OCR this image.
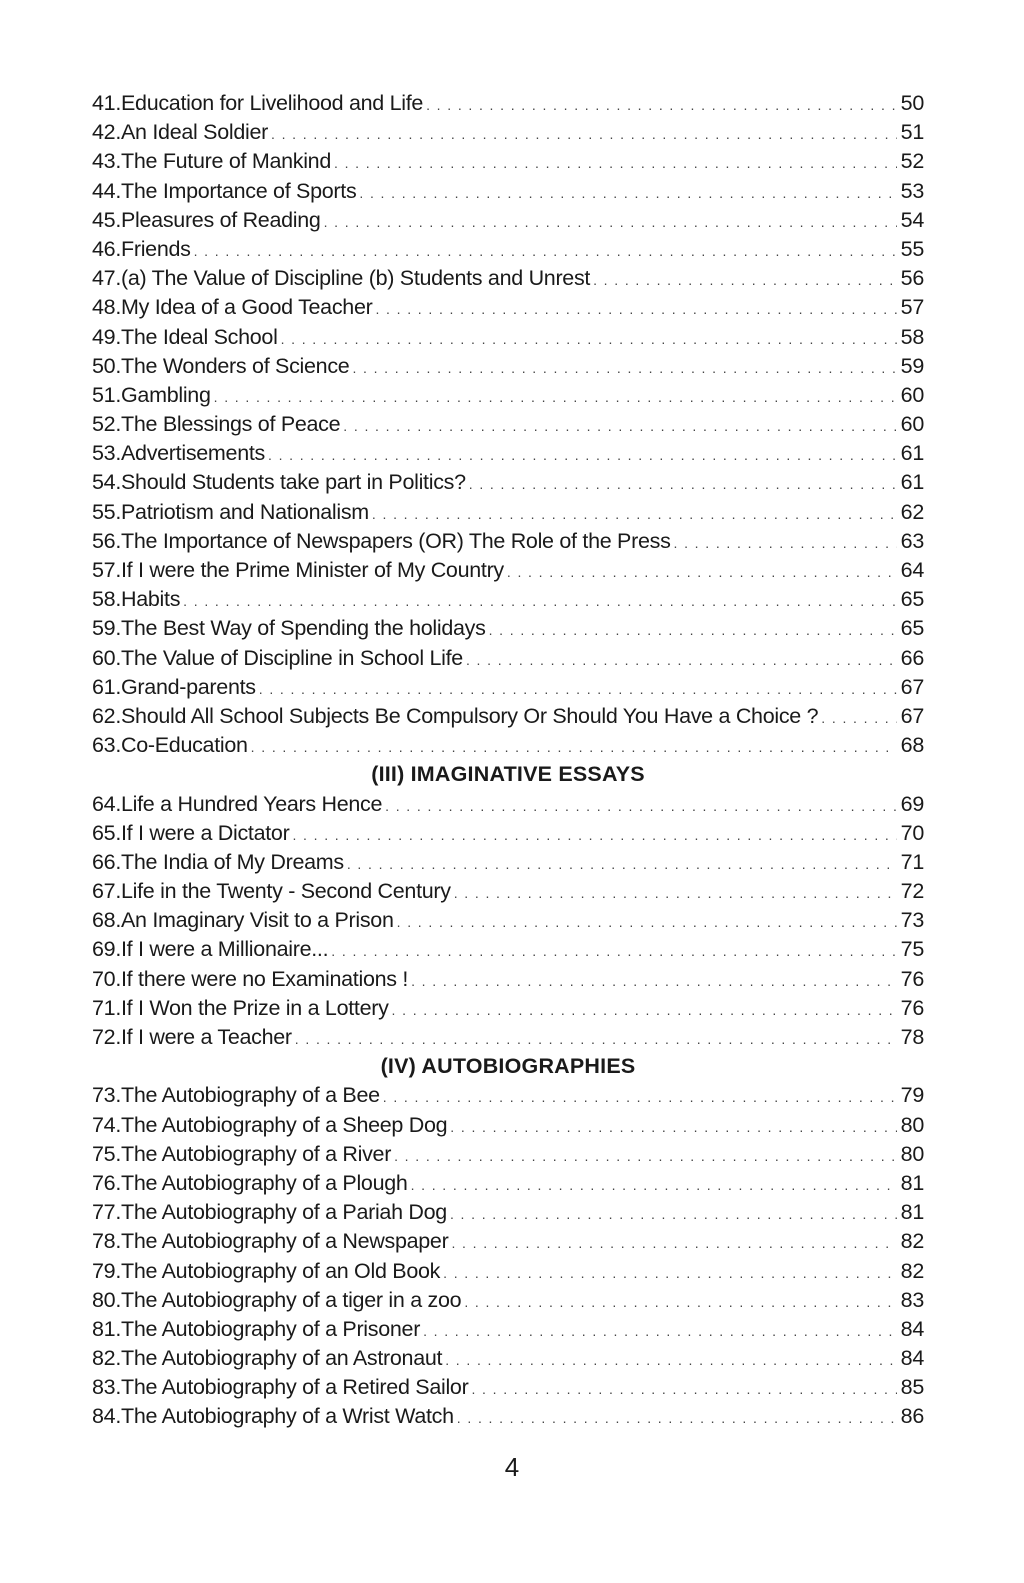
41. Education for Livelihood and Life . . .	50
42. An Ideal Soldier . . .	51
43. The Future of Mankind . . .	52
44. The Importance of Sports . . .	53
45. Pleasures of Reading . . .	54
46. Friends . . .	55
47. (a) The Value of Discipline (b) Students and Unrest . . .	56
48. My Idea of a Good Teacher . . .	57
49. The Ideal School . . .	58
50. The Wonders of Science . . .	59
51. Gambling . . .	60
52. The Blessings of Peace . . .	60
53. Advertisements . . .	61
54. Should Students take part in Politics? . . .	61
55. Patriotism and Nationalism . . .	62
56. The Importance of Newspapers (OR) The Role of the Press . . .	63
57. If I were the Prime Minister of My Country . . .	64
58. Habits . . .	65
59. The Best Way of Spending the holidays . . .	65
60. The Value of Discipline in School Life . . .	66
61. Grand-parents . . .	67
62. Should All School Subjects Be Compulsory Or Should You Have a Choice ? . . .	67
63. Co-Education . . .	68
(III) IMAGINATIVE ESSAYS
64. Life a Hundred Years Hence . . .	69
65. If I were a Dictator . . .	70
66. The India of My Dreams . . .	71
67. Life in the Twenty - Second Century . . .	72
68. An Imaginary Visit to a Prison . . .	73
69. If I were a Millionaire... . . .	75
70. If there were no Examinations ! . . .	76
71. If I Won the Prize in a Lottery . . .	76
72. If I were a Teacher . . .	78
(IV) AUTOBIOGRAPHIES
73. The Autobiography of a Bee . . .	79
74. The Autobiography of a Sheep Dog . . .	80
75. The Autobiography of a River . . .	80
76. The Autobiography of a Plough . . .	81
77. The Autobiography of a Pariah Dog . . .	81
78. The Autobiography of a Newspaper . . .	82
79. The Autobiography of an Old Book . . .	82
80. The Autobiography of a tiger in a zoo . . .	83
81. The Autobiography of a Prisoner . . .	84
82. The Autobiography of an Astronaut . . .	84
83. The Autobiography of a Retired Sailor . . .	85
84. The Autobiography of a Wrist Watch . . .	86
4
